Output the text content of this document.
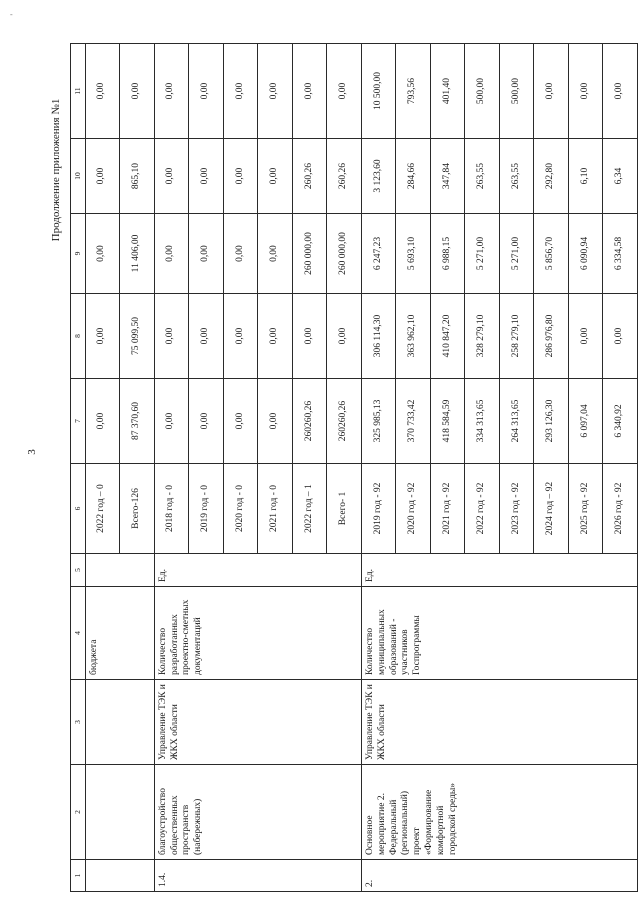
-
3
Продолжение приложения №1
1	2	3	4	5	6	7	8	9	10	11
			бюджета		2022 год – 0	0,00	0,00	0,00	0,00	0,00
					Всего-126	87 370,60	75 099,50	11 406,00	865,10	0,00
1.4.	благоустройство общественных пространств (набережных)	Управление ТЭК и ЖКХ области	Количество разработанных проектно-сметных документаций	Ед.	2018 год - 0	0,00	0,00	0,00	0,00	0,00
					2019 год - 0	0,00	0,00	0,00	0,00	0,00
					2020 год - 0	0,00	0,00	0,00	0,00	0,00
					2021 год - 0	0,00	0,00	0,00	0,00	0,00
					2022 год – 1	260260,26	0,00	260 000,00	260,26	0,00
					Всего- 1	260260,26	0,00	260 000,00	260,26	0,00
2.	Основное мероприятие 2. Федеральный (региональный) проект «Формирование комфортной городской среды»	Управление ТЭК и ЖКХ области	Количество муниципальных образований - участников Госпрограммы	Ед.	2019 год - 92	325 985,13	306 114,30	6 247,23	3 123,60	10 500,00
					2020 год - 92	370 733,42	363 962,10	5 693,10	284,66	793,56
					2021 год - 92	418 584,59	410 847,20	6 988,15	347,84	401,40
					2022 год - 92	334 313,65	328 279,10	5 271,00	263,55	500,00
					2023 год - 92	264 313,65	258 279,10	5 271,00	263,55	500,00
					2024 год – 92	293 126,30	286 976,80	5 856,70	292,80	0,00
					2025 год - 92	6 097,04	0,00	6 090,94	6,10	0,00
					2026 год - 92	6 340,92	0,00	6 334,58	6,34	0,00
